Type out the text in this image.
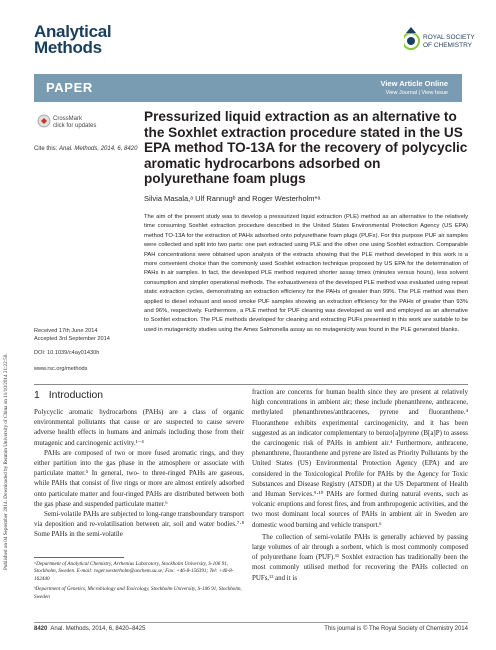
Published on 04 September 2014. Downloaded by Renmin University of China on 11/10/2014 21:22:50.
Analytical
Methods
ROYAL SOCIETY
OF CHEMISTRY
PAPER	View Article Online
View Journal | View Issue
CrossMark
click for updates
Cite this: Anal. Methods, 2014, 6, 8420
Pressurized liquid extraction as an alternative to the Soxhlet extraction procedure stated in the US EPA method TO-13A for the recovery of polycyclic aromatic hydrocarbons adsorbed on polyurethane foam plugs
Silvia Masala,ᵃ Ulf Rannugᵇ and Roger Westerholm*ᵃ
The aim of the present study was to develop a pressurized liquid extraction (PLE) method as an alternative to the relatively time consuming Soxhlet extraction procedure described in the United States Environmental Protection Agency (US EPA) method TO-13A for the extraction of PAHs adsorbed onto polyurethane foam plugs (PUFs). For this purpose PUF air samples were collected and split into two parts: one part extracted using PLE and the other one using Soxhlet extraction. Comparable PAH concentrations were obtained upon analysis of the extracts showing that the PLE method developed in this work is a more convenient choice than the commonly used Soxhlet extraction technique proposed by US EPA for the determination of PAHs in air samples. In fact, the developed PLE method required shorter assay times (minutes versus hours), less solvent consumption and simpler operational methods. The exhaustiveness of the developed PLE method was evaluated using repeat static extraction cycles, demonstrating an extraction efficiency for the PAHs of greater than 99%. The PLE method was then applied to diesel exhaust and wood smoke PUF samples showing an extraction efficiency for the PAHs of greater than 93% and 96%, respectively. Furthermore, a PLE method for PUF cleaning was developed as well and employed as an alternative to Soxhlet extraction. The PLE methods developed for cleaning and extracting PUFs presented in this work are suitable to be used in mutagenicity studies using the Ames Salmonella assay as no mutagenicity was found in the PLE generated blanks.
Received 17th June 2014
Accepted 3rd September 2014
DOI: 10.1039/c4ay01430h
www.rsc.org/methods
1 Introduction

Polycyclic aromatic hydrocarbons (PAHs) are a class of organic environmental pollutants that cause or are suspected to cause severe adverse health effects in humans and animals including those from their mutagenic and carcinogenic activity.¹⁻⁴

PAHs are composed of two or more fused aromatic rings, and they either partition into the gas phase in the atmosphere or associate with particulate matter.⁵ In general, two- to three-ringed PAHs are gaseous, while PAHs that consist of five rings or more are almost entirely adsorbed onto particulate matter and four-ringed PAHs are distributed between both the gas phase and suspended particulate matter.⁶

Semi-volatile PAHs are subjected to long-range transboundary transport via deposition and re-volatilisation between air, soil and water bodies.⁷·⁸ Some PAHs in the semi-volatile

fraction are concerns for human health since they are present at relatively high concentrations in ambient air; these include phenanthrene, anthracene, methylated phenanthrenes/anthracenes, pyrene and fluoranthene.⁴ Fluoranthene exhibits experimental carcinogenicity, and it has been suggested as an indicator complementary to benzo[a]pyrene (B[a]P) to assess the carcinogenic risk of PAHs in ambient air.⁴ Furthermore, anthracene, phenanthrene, fluoranthene and pyrene are listed as Priority Pollutants by the United States (US) Environmental Protection Agency (EPA) and are considered in the Toxicological Profile for PAHs by the Agency for Toxic Substances and Disease Registry (ATSDR) at the US Department of Health and Human Services.⁹·¹⁰ PAHs are formed during natural events, such as volcanic eruptions and forest fires, and from anthropogenic activities, and the two most dominant local sources of PAHs in ambient air in Sweden are domestic wood burning and vehicle transport.⁶

The collection of semi-volatile PAHs is generally achieved by passing large volumes of air through a sorbent, which is most commonly composed of polyurethane foam (PUF).¹¹ Soxhlet extraction has traditionally been the most commonly utilised method for recovering the PAHs collected on PUFs,¹² and it is

ᵃDepartment of Analytical Chemistry, Arrhenius Laboratory, Stockholm University, S-106 91, Stockholm, Sweden. E-mail: roger.westerholm@anchem.su.se; Fax: +46-8-156391; Tel: +46-8-162440

ᵇDepartment of Genetics, Microbiology and Toxicology, Stockholm University, S-106 91, Stockholm, Sweden

8420 Anal. Methods, 2014, 6, 8420–8425	This journal is © The Royal Society of Chemistry 2014
